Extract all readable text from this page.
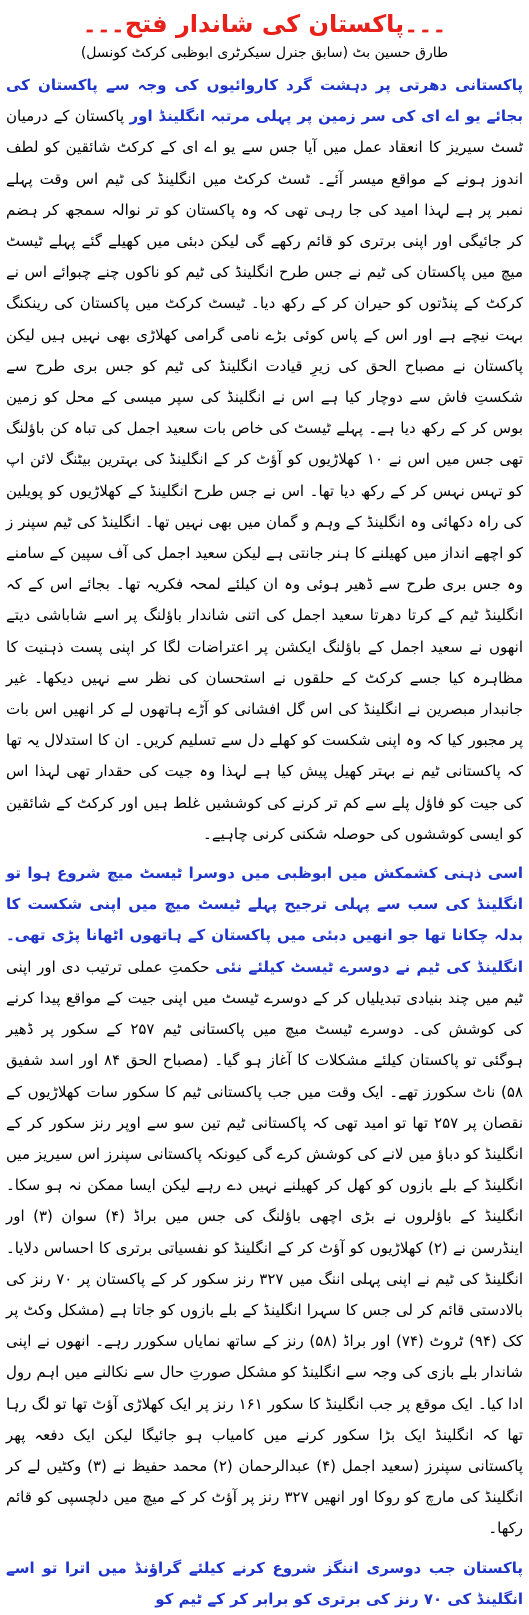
۔۔۔پاکستان کی شاندار فتح۔۔۔
طارق حسین بٹ (سابق جنرل سیکرٹری ابوظبی کرکٹ کونسل)

پاکستانی دھرتی پر دہشت گرد کاروائیوں کی وجہ سے پاکستان کی بجائے یو اے ای کی سر زمین پر پہلی مرتبہ انگلینڈ اور پاکستان کے درمیان ٹسٹ سیریز کا انعقاد عمل میں آیا جس سے یو اے ای کے کرکٹ شائقین کو لطف اندوز ہونے کے مواقع میسر آئے۔ ٹسٹ کرکٹ میں انگلینڈ کی ٹیم اس وقت پہلے نمبر پر ہے لہذا امید کی جا رہی تھی کہ وہ پاکستان کو تر نوالہ سمجھ کر ہضم کر جائیگی اور اپنی برتری کو قائم رکھے گی لیکن دبئی میں کھیلے گئے پہلے ٹیسٹ میچ میں پاکستان کی ٹیم نے جس طرح انگلینڈ کی ٹیم کو ناکوں چنے چبوائے اس نے کرکٹ کے پنڈتوں کو حیران کر کے رکھ دیا۔ ٹیسٹ کرکٹ میں پاکستان کی رینکنگ بہت نیچے ہے اور اس کے پاس کوئی بڑے نامی گرامی کھلاڑی بھی نہیں ہیں لیکن پاکستان نے مصباح الحق کی زیرِ قیادت انگلینڈ کی ٹیم کو جس بری طرح سے شکستِ فاش سے دوچار کیا ہے اس نے انگلینڈ کی سپر میسی کے محل کو زمین بوس کر کے رکھ دیا ہے۔ پہلے ٹیسٹ کی خاص بات سعید اجمل کی تباہ کن باؤلنگ تھی جس میں اس نے ۱۰ کھلاڑیوں کو آؤٹ کر کے انگلینڈ کی بہترین بیٹنگ لائن اپ کو تہس نہس کر کے رکھ دیا تھا۔ اس نے جس طرح انگلینڈ کے کھلاڑیوں کو پویلین کی راہ دکھائی وہ انگلینڈ کے وہم و گمان میں بھی نہیں تھا۔ انگلینڈ کی ٹیم سپنر ز کو اچھے انداز میں کھیلنے کا ہنر جانتی ہے لیکن سعید اجمل کی آف سپین کے سامنے وہ جس بری طرح سے ڈھیر ہوئی وہ ان کیلئے لمحہ فکریہ تھا۔ بجائے اس کے کہ انگلینڈ ٹیم کے کرتا دھرتا سعید اجمل کی اتنی شاندار باؤلنگ پر اسے شاباشی دیتے انھوں نے سعید اجمل کے باؤلنگ ایکشن پر اعتراضات لگا کر اپنی پست ذہنیت کا مظاہرہ کیا جسے کرکٹ کے حلقوں نے استحسان کی نظر سے نہیں دیکھا۔ غیر جانبدار مبصرین نے انگلینڈ کی اس گل افشانی کو آڑے ہاتھوں لے کر انھیں اس بات پر مجبور کیا کہ وہ اپنی شکست کو کھلے دل سے تسلیم کریں۔ ان کا استدلال یہ تھا کہ پاکستانی ٹیم نے بہتر کھیل پیش کیا ہے لہذا وہ جیت کی حقدار تھی لہذا اس کی جیت کو فاؤل پلے سے کم تر کرنے کی کوششیں غلط ہیں اور کرکٹ کے شائقین کو ایسی کوششوں کی حوصلہ شکنی کرنی چاہیے۔

اسی ذہنی کشمکش میں ابوظبی میں دوسرا ٹیسٹ میچ شروع ہوا تو انگلینڈ کی سب سے پہلی ترجیح پہلے ٹیسٹ میچ میں اپنی شکست کا بدلہ چکانا تھا جو انھیں دبئی میں پاکستان کے ہاتھوں اٹھانا پڑی تھی۔ انگلینڈ کی ٹیم نے دوسرے ٹیسٹ کیلئے نئی حکمتِ عملی ترتیب دی اور اپنی ٹیم میں چند بنیادی تبدیلیاں کر کے دوسرے ٹیسٹ میں اپنی جیت کے مواقع پیدا کرنے کی کوشش کی۔ دوسرے ٹیسٹ میچ میں پاکستانی ٹیم ۲۵۷ کے سکور پر ڈھیر ہوگئی تو پاکستان کیلئے مشکلات کا آغاز ہو گیا۔ (مصباح الحق ۸۴ اور اسد شفیق ۵۸) ناٹ سکورز تھے۔ ایک وقت میں جب پاکستانی ٹیم کا سکور سات کھلاڑیوں کے نقصان پر ۲۵۷ تھا تو امید تھی کہ پاکستانی ٹیم تین سو سے اوپر رنز سکور کر کے انگلینڈ کو دباؤ میں لانے کی کوشش کرے گی کیونکہ پاکستانی سپنرز اس سیریز میں انگلینڈ کے بلے بازوں کو کھل کر کھیلنے نہیں دے رہے لیکن ایسا ممکن نہ ہو سکا۔ انگلینڈ کے باؤلروں نے بڑی اچھی باؤلنگ کی جس میں براڈ (۴) سوان (۳) اور اینڈرسن نے (۲) کھلاڑیوں کو آؤٹ کر کے انگلینڈ کو نفسیاتی برتری کا احساس دلایا۔ انگلینڈ کی ٹیم نے اپنی پہلی اننگ میں ۳۲۷ رنز سکور کر کے پاکستان پر ۷۰ رنز کی بالادستی قائم کر لی جس کا سہرا انگلینڈ کے بلے بازوں کو جاتا ہے (مشکل وکٹ پر کک (۹۴) ٹروٹ (۷۴) اور براڈ (۵۸) رنز کے ساتھ نمایاں سکورر رہے۔ انھوں نے اپنی شاندار بلے بازی کی وجہ سے انگلینڈ کو مشکل صورتِ حال سے نکالنے میں اہم رول ادا کیا۔ ایک موقع پر جب انگلینڈ کا سکور ۱۶۱ رنز پر ایک کھلاڑی آؤٹ تھا تو لگ رہا تھا کہ انگلینڈ ایک بڑا سکور کرنے میں کامیاب ہو جائیگا لیکن ایک دفعہ پھر پاکستانی سپنرز (سعید اجمل (۴) عبدالرحمان (۲) محمد حفیظ نے (۳) وکٹیں لے کر انگلینڈ کی مارچ کو روکا اور انھیں ۳۲۷ رنز پر آؤٹ کر کے میچ میں دلچسپی کو قائم رکھا۔

پاکستان جب دوسری اننگز شروع کرنے کیلئے گراؤنڈ میں اترا تو اسے انگلینڈ کی ۷۰ رنز کی برتری کو برابر کر کے ٹیم کو
